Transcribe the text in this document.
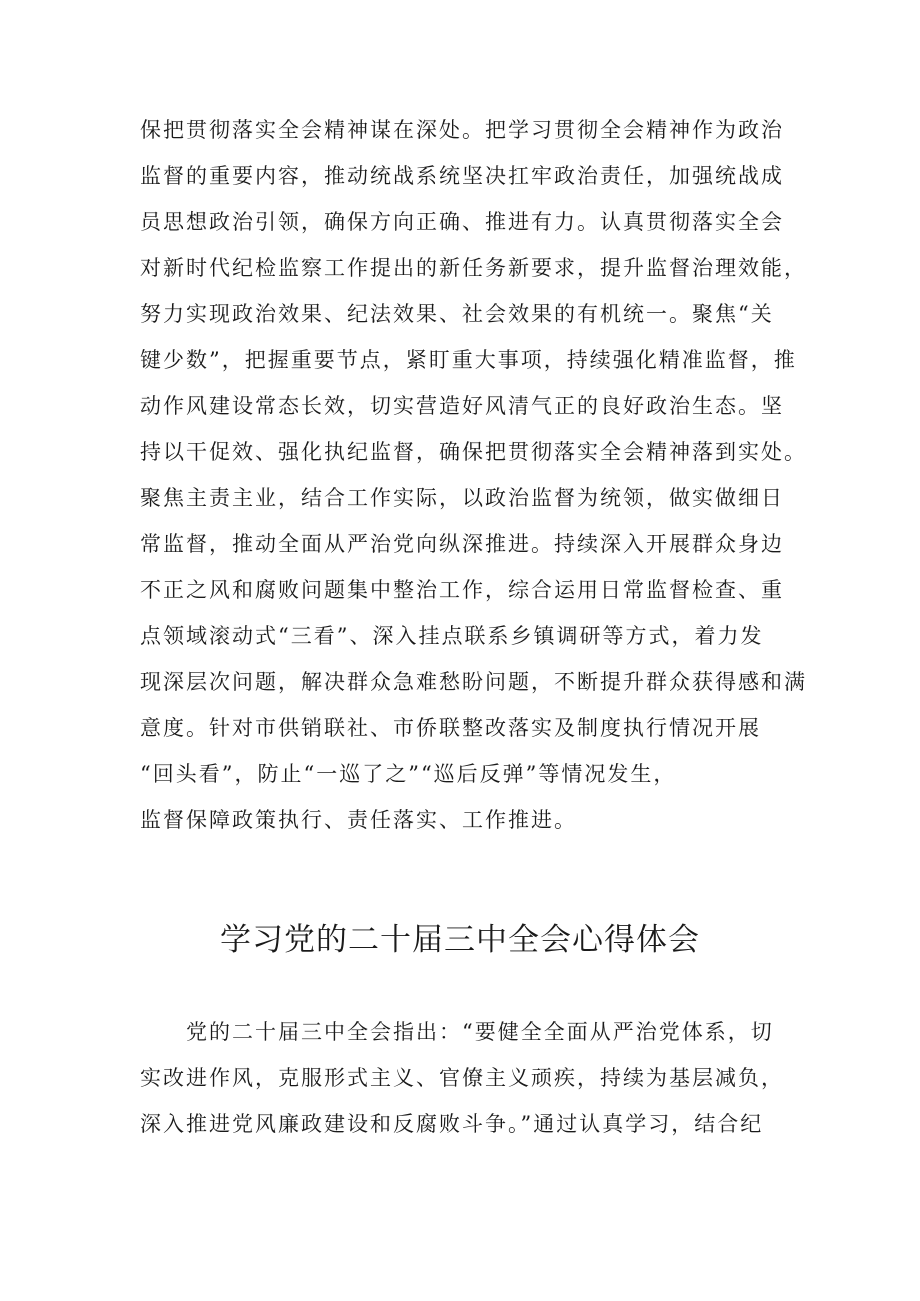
保把贯彻落实全会精神谋在深处。把学习贯彻全会精神作为政治
监督的重要内容，推动统战系统坚决扛牢政治责任，加强统战成
员思想政治引领，确保方向正确、推进有力。认真贯彻落实全会
对新时代纪检监察工作提出的新任务新要求，提升监督治理效能，
努力实现政治效果、纪法效果、社会效果的有机统一。聚焦“关
键少数”，把握重要节点，紧盯重大事项，持续强化精准监督，推
动作风建设常态长效，切实营造好风清气正的良好政治生态。坚
持以干促效、强化执纪监督，确保把贯彻落实全会精神落到实处。
聚焦主责主业，结合工作实际，以政治监督为统领，做实做细日
常监督，推动全面从严治党向纵深推进。持续深入开展群众身边
不正之风和腐败问题集中整治工作，综合运用日常监督检查、重
点领域滚动式“三看”、深入挂点联系乡镇调研等方式，着力发
现深层次问题，解决群众急难愁盼问题，不断提升群众获得感和满
意度。针对市供销联社、市侨联整改落实及制度执行情况开展
“回头看”，防止“一巡了之”“巡后反弹”等情况发生，
监督保障政策执行、责任落实、工作推进。
学习党的二十届三中全会心得体会
党的二十届三中全会指出：“要健全全面从严治党体系，切
实改进作风，克服形式主义、官僚主义顽疾，持续为基层减负，
深入推进党风廉政建设和反腐败斗争。”通过认真学习，结合纪
